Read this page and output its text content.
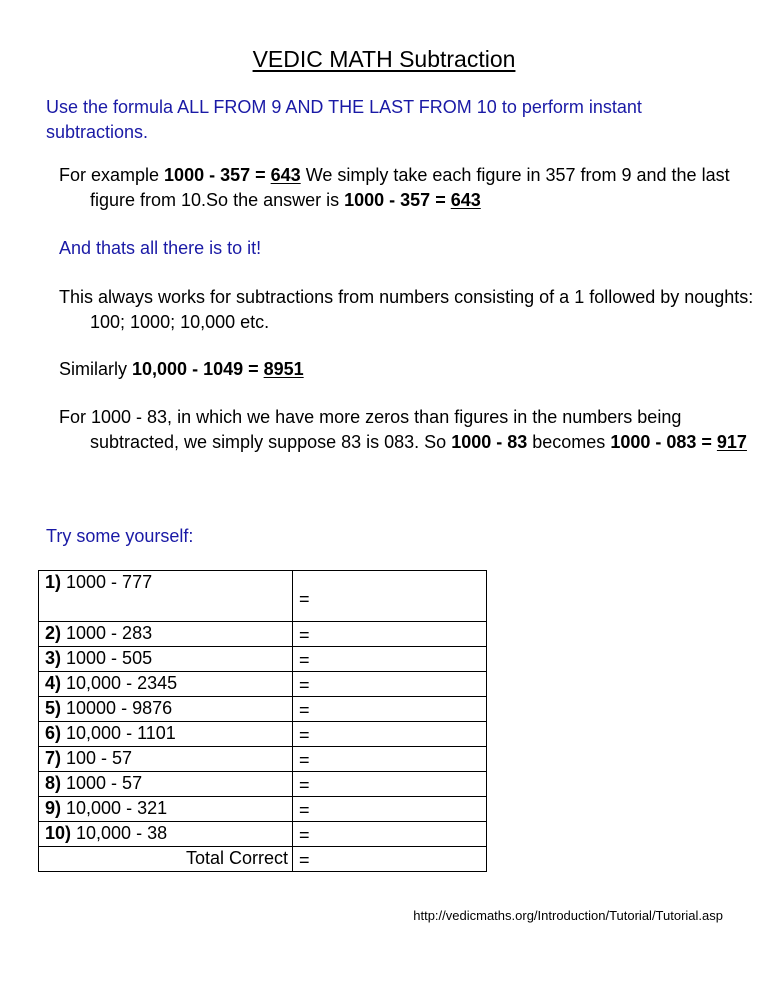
VEDIC MATH Subtraction
Use the formula ALL FROM 9 AND THE LAST FROM 10 to perform instant subtractions.
For example 1000 - 357 = 643 We simply take each figure in 357 from 9 and the last figure from 10.So the answer is 1000 - 357 = 643
And thats all there is to it!
This always works for subtractions from numbers consisting of a 1 followed by noughts: 100; 1000; 10,000 etc.
Similarly 10,000 - 1049 = 8951
For 1000 - 83, in which we have more zeros than figures in the numbers being subtracted, we simply suppose 83 is 083. So 1000 - 83 becomes 1000 - 083 = 917
Try some yourself:
1) 1000 - 777	=
2) 1000 - 283	=
3) 1000 - 505	=
4) 10,000 - 2345	=
5) 10000 - 9876	=
6) 10,000 - 1101	=
7) 100 - 57	=
8) 1000 - 57	=
9) 10,000 - 321	=
10) 10,000 - 38	=
Total Correct	=
http://vedicmaths.org/Introduction/Tutorial/Tutorial.asp
